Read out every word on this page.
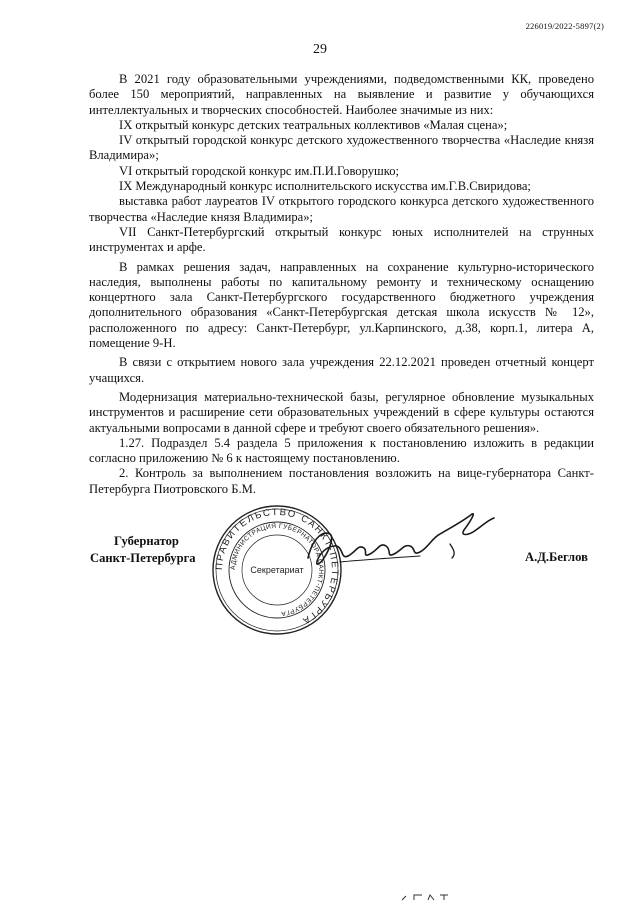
226019/2022-5897(2)
29

В 2021 году образовательными учреждениями, подведомственными КК, проведено более 150 мероприятий, направленных на выявление и развитие у обучающихся интеллектуальных и творческих способностей. Наиболее значимые из них:

IX открытый конкурс детских театральных коллективов «Малая сцена»;

IV открытый городской конкурс детского художественного творчества «Наследие князя Владимира»;

VI открытый городской конкурс им.П.И.Говорушко;

IX Международный конкурс исполнительского искусства им.Г.В.Свиридова;

выставка работ лауреатов IV открытого городского конкурса детского художественного творчества «Наследие князя Владимира»;

VII Санкт-Петербургский открытый конкурс юных исполнителей на струнных инструментах и арфе.

В рамках решения задач, направленных на сохранение культурно-исторического наследия, выполнены работы по капитальному ремонту и техническому оснащению концертного зала Санкт-Петербургского государственного бюджетного учреждения дополнительного образования «Санкт-Петербургская детская школа искусств № 12», расположенного по адресу: Санкт-Петербург, ул.Карпинского, д.38, корп.1, литера А, помещение 9-Н.

В связи с открытием нового зала учреждения 22.12.2021 проведен отчетный концерт учащихся.

Модернизация материально-технической базы, регулярное обновление музыкальных инструментов и расширение сети образовательных учреждений в сфере культуры остаются актуальными вопросами в данной сфере и требуют своего обязательного решения».

1.27. Подраздел 5.4 раздела 5 приложения к постановлению изложить в редакции согласно приложению № 6 к настоящему постановлению.

2. Контроль за выполнением постановления возложить на вице-губернатора Санкт-Петербурга Пиотровского Б.М.

Губернатор
Санкт-Петербурга
ПРАВИТЕЛЬСТВО САНКТ-ПЕТЕРБУРГА
АДМИНИСТРАЦИЯ ГУБЕРНАТОРА САНКТ-ПЕТЕРБУРГА
Секретариат
А.Д.Беглов
